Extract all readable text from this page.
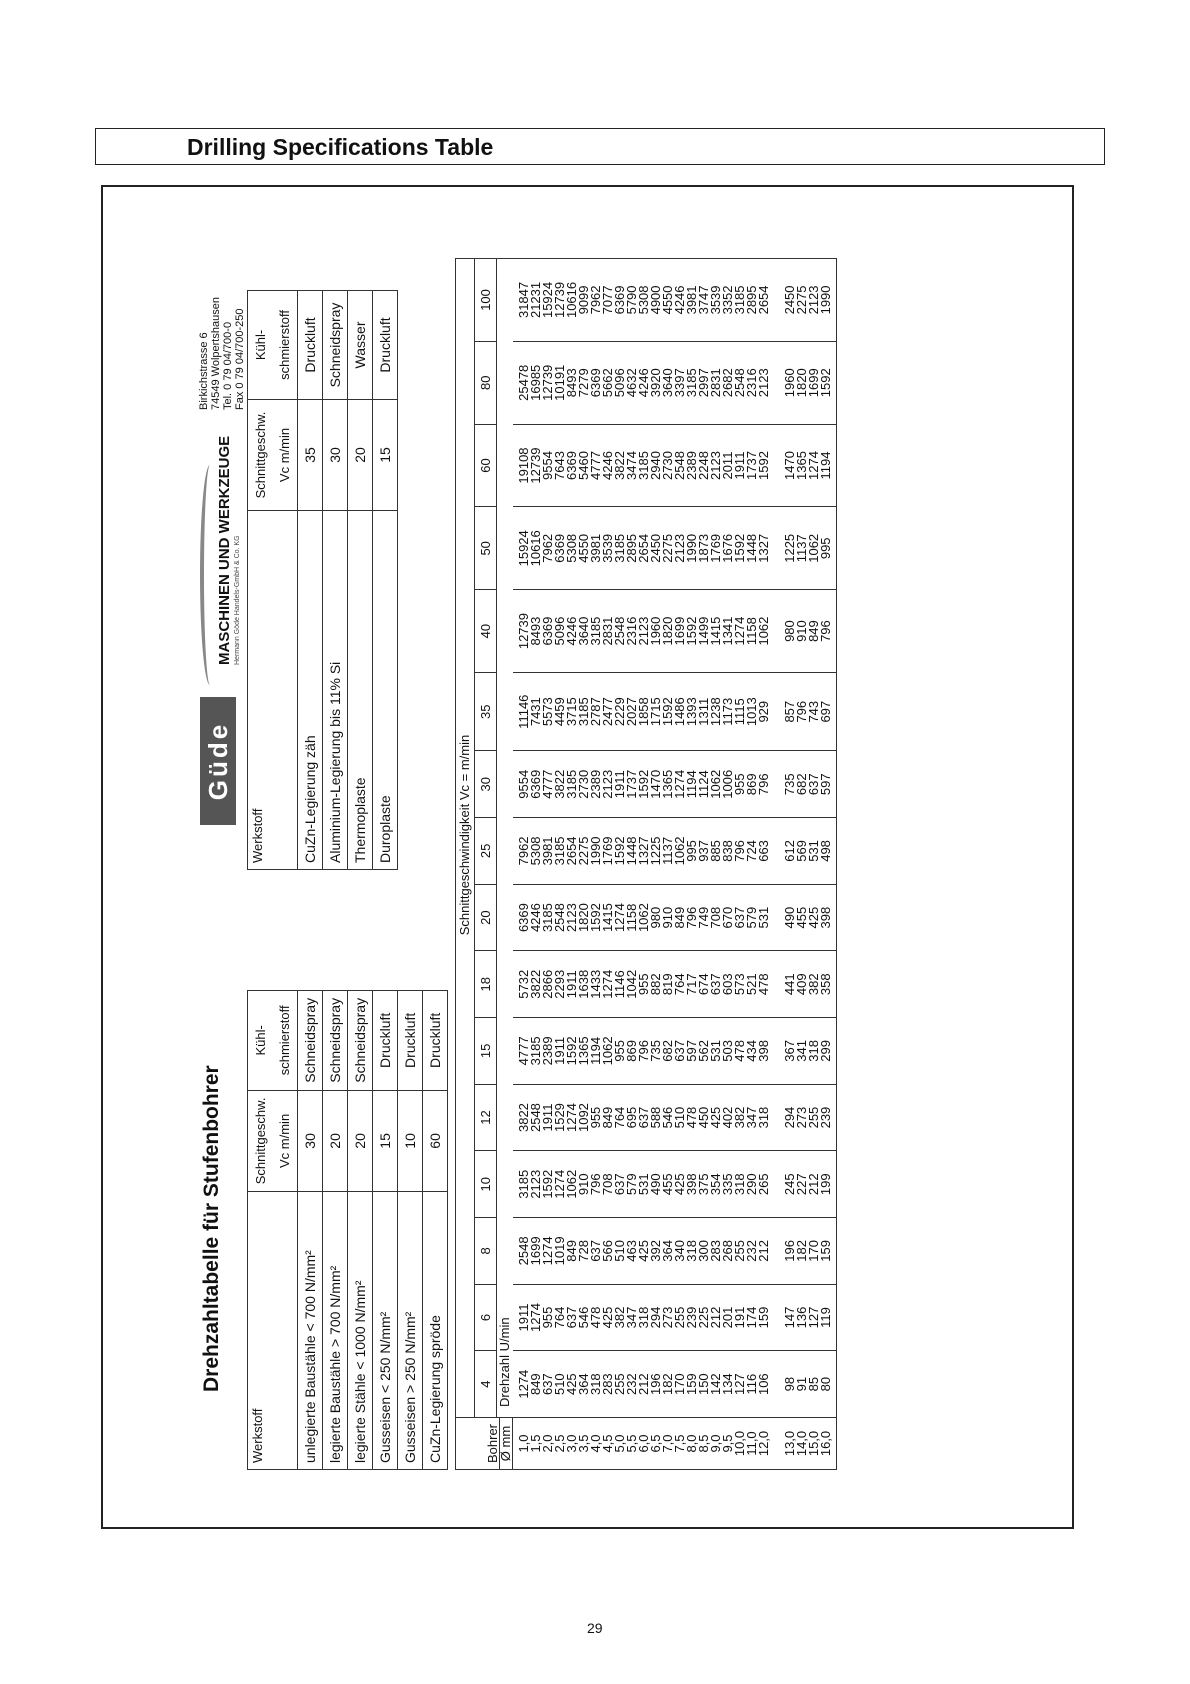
Drilling Specifications Table
Drehzahltabelle für Stufenbohrer
Güde
MASCHINEN UND WERKZEUGE Hermann Göde Handels-GmbH & Co. KG
Birkichstrasse 6 74549 Wolpertshausen Tel. 0 79 04/700-0 Fax 0 79 04/700-250
Werkstoff	Schnittgeschw.	Kühl-
	Vc m/min	schmierstoff
unlegierte Baustähle < 700 N/mm²	30	Schneidspray
legierte Baustähle > 700 N/mm²	20	Schneidspray
legierte Stähle < 1000 N/mm²	20	Schneidspray
Gusseisen < 250 N/mm²	15	Druckluft
Gusseisen > 250 N/mm²	10	Druckluft
CuZn-Legierung spröde	60	Druckluft
Werkstoff	Schnittgeschw.	Kühl-
	Vc m/min	schmierstoff
CuZn-Legierung zäh	35	Druckluft
Aluminium-Legierung bis 11% Si	30	Schneidspray
Thermoplaste	20	Wasser
Duroplaste	15	Druckluft
Bohrer
Ø mm	Schnittgeschwindigkeit Vc = m/min															
	4	6	8	10	12	15	18	20	25	30	35	40	50	60	80	100
	Drehzahl U/min															
1,0	1274	1911	2548	3185	3822	4777	5732	6369	7962	9554	11146	12739	15924	19108	25478	31847
1,5	849	1274	1699	2123	2548	3185	3822	4246	5308	6369	7431	8493	10616	12739	16985	21231
2,0	637	955	1274	1592	1911	2389	2866	3185	3981	4777	5573	6369	7962	9554	12739	15924
2,5	510	764	1019	1274	1529	1911	2293	2548	3185	3822	4459	5096	6369	7643	10191	12739
3,0	425	637	849	1062	1274	1592	1911	2123	2654	3185	3715	4246	5308	6369	8493	10616
3,5	364	546	728	910	1092	1365	1638	1820	2275	2730	3185	3640	4550	5460	7279	9099
4,0	318	478	637	796	955	1194	1433	1592	1990	2389	2787	3185	3981	4777	6369	7962
4,5	283	425	566	708	849	1062	1274	1415	1769	2123	2477	2831	3539	4246	5662	7077
5,0	255	382	510	637	764	955	1146	1274	1592	1911	2229	2548	3185	3822	5096	6369
5,5	232	347	463	579	695	869	1042	1158	1448	1737	2027	2316	2895	3474	4632	5790
6,0	212	318	425	531	637	796	955	1062	1327	1592	1858	2123	2654	3185	4246	5308
6,5	196	294	392	490	588	735	882	980	1225	1470	1715	1960	2450	2940	3920	4900
7,0	182	273	364	455	546	682	819	910	1137	1365	1592	1820	2275	2730	3640	4550
7,5	170	255	340	425	510	637	764	849	1062	1274	1486	1699	2123	2548	3397	4246
8,0	159	239	318	398	478	597	717	796	995	1194	1393	1592	1990	2389	3185	3981
8,5	150	225	300	375	450	562	674	749	937	1124	1311	1499	1873	2248	2997	3747
9,0	142	212	283	354	425	531	637	708	885	1062	1238	1415	1769	2123	2831	3539
9,5	134	201	268	335	402	503	603	670	838	1006	1173	1341	1676	2011	2682	3352
10,0	127	191	255	318	382	478	573	637	796	955	1115	1274	1592	1911	2548	3185
11,0	116	174	232	290	347	434	521	579	724	869	1013	1158	1448	1737	2316	2895
12,0	106	159	212	265	318	398	478	531	663	796	929	1062	1327	1592	2123	2654
13,0	98	147	196	245	294	367	441	490	612	735	857	980	1225	1470	1960	2450
14,0	91	136	182	227	273	341	409	455	569	682	796	910	1137	1365	1820	2275
15,0	85	127	170	212	255	318	382	425	531	637	743	849	1062	1274	1699	2123
16,0	80	119	159	199	239	299	358	398	498	597	697	796	995	1194	1592	1990
29
